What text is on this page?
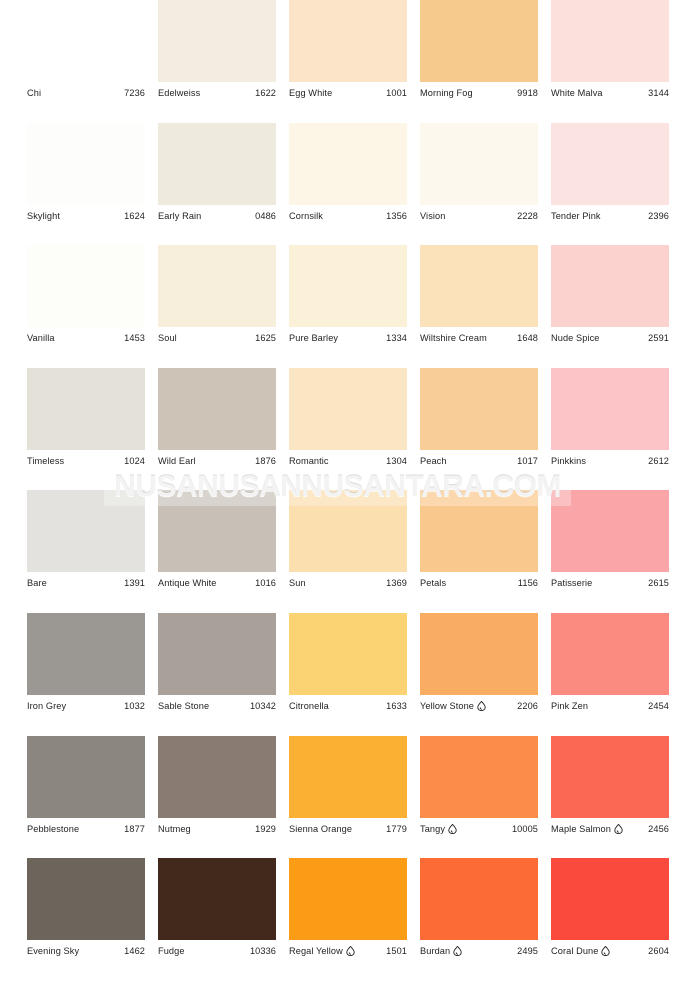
Chi	7236 Edelweiss	1622 Egg White	1001 Morning Fog	9918 White Malva	3144
Skylight	1624 Early Rain	0486 Cornsilk	1356 Vision	2228 Tender Pink	2396
Vanilla	1453 Soul	1625 Pure Barley	1334 Wiltshire Cream	1648 Nude Spice	2591
Timeless	1024 Wild Earl	1876 Romantic	1304 Peach	1017 Pinkkins	2612
Bare	1391 Antique White	1016 Sun	1369 Petals	1156 Patisserie	2615
Iron Grey	1032 Sable Stone	10342 Citronella	1633 Yellow Stone	2206 Pink Zen	2454
Pebblestone	1877 Nutmeg	1929 Sienna Orange	1779 Tangy	10005 Maple Salmon	2456
Evening Sky	1462 Fudge	10336 Regal Yellow	1501 Burdan	2495 Coral Dune	2604
NUSANUSANNUSANTARA.COM
